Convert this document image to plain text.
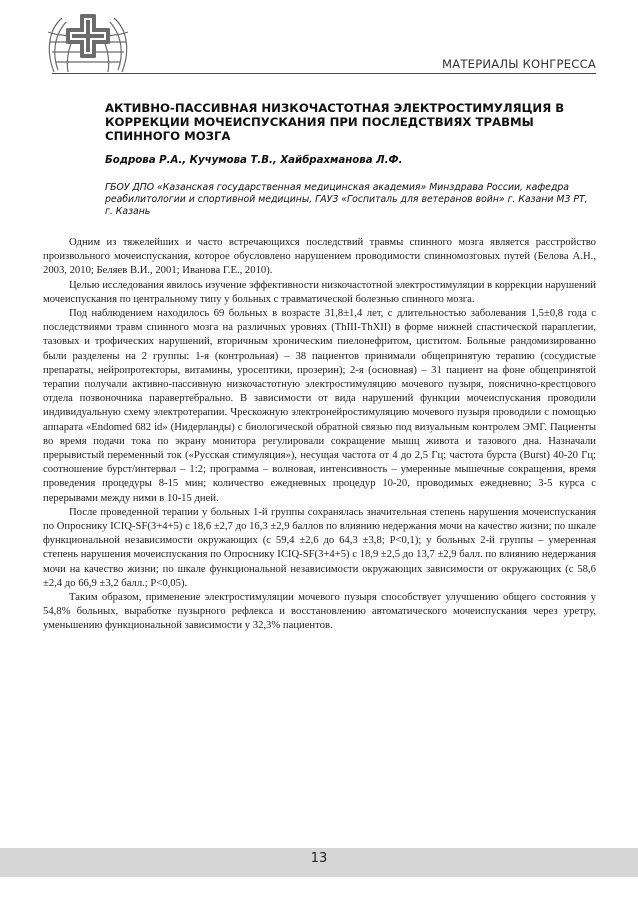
МАТЕРИАЛЫ КОНГРЕССА
АКТИВНО-ПАССИВНАЯ НИЗКОЧАСТОТНАЯ ЭЛЕКТРОСТИМУЛЯЦИЯ В КОРРЕКЦИИ МОЧЕИСПУСКАНИЯ ПРИ ПОСЛЕДСТВИЯХ ТРАВМЫ СПИННОГО МОЗГА
Бодрова Р.А., Кучумова Т.В., Хайбрахманова Л.Ф.
ГБОУ ДПО «Казанская государственная медицинская академия» Минздрава России, кафедра реабилитологии и спортивной медицины, ГАУЗ «Госпиталь для ветеранов войн» г. Казани МЗ РТ, г. Казань

Одним из тяжелейших и часто встречающихся последствий травмы спинного мозга является расстройство произвольного мочеиспускания, которое обусловлено нарушением проводимости спинномозговых путей (Белова А.Н., 2003, 2010; Беляев В.И., 2001; Иванова Г.Е., 2010).

Целью исследования явилось изучение эффективности низкочастотной электростимуляции в коррекции нарушений мочеиспускания по центральному типу у больных с травматической болезнью спинного мозга.

Под наблюдением находилось 69 больных в возрасте 31,8±1,4 лет, с длительностью заболевания 1,5±0,8 года с последствиями травм спинного мозга на различных уровнях (ThIII-ThXII) в форме нижней спастической параплегии, тазовых и трофических нарушений, вторичным хроническим пиелонефритом, циститом. Больные рандомизированно были разделены на 2 группы: 1-я (контрольная) – 38 пациентов принимали общепринятую терапию (сосудистые препараты, нейропротекторы, витамины, уросептики, прозерин); 2-я (основная) – 31 пациент на фоне общепринятой терапии получали активно-пассивную низкочастотную электростимуляцию мочевого пузыря, пояснично-крестцового отдела позвоночника паравертебрально. В зависимости от вида нарушений функции мочеиспускания проводили индивидуальную схему электротерапии. Чрескожную электронейростимуляцию мочевого пузыря проводили с помощью аппарата «Endomed 682 id» (Нидерланды) с биологической обратной связью под визуальным контролем ЭМГ. Пациенты во время подачи тока по экрану монитора регулировали сокращение мышц живота и тазового дна. Назначали прерывистый переменный ток («Русская стимуляция»), несущая частота от 4 до 2,5 Гц; частота бурста (Burst) 40-20 Гц; соотношение бурст/интервал – 1:2; программа – волновая, интенсивность – умеренные мышечные сокращения, время проведения процедуры 8-15 мин; количество ежедневных процедур 10-20, проводимых ежедневно; 3-5 курса с перерывами между ними в 10-15 дней.

После проведенной терапии у больных 1-й группы сохранялась значительная степень нарушения мочеиспускания по Опроснику ICIQ-SF(3+4+5) с 18,6 ±2,7 до 16,3 ±2,9 баллов по влиянию недержания мочи на качество жизни; по шкале функциональной независимости окружающих (с 59,4 ±2,6 до 64,3 ±3,8; Р<0,1); у больных 2-й группы – умеренная степень нарушения мочеиспускания по Опроснику ICIQ-SF(3+4+5) с 18,9 ±2,5 до 13,7 ±2,9 балл. по влиянию недержания мочи на качество жизни; по шкале функциональной независимости окружающих зависимости от окружающих (с 58,6 ±2,4 до 66,9 ±3,2 балл.; Р<0,05).

Таким образом, применение электростимуляции мочевого пузыря способствует улучшению общего состояния у 54,8% больных, выработке пузырного рефлекса и восстановлению автоматического мочеиспускания через уретру, уменьшению функциональной зависимости у 32,3% пациентов.

13
